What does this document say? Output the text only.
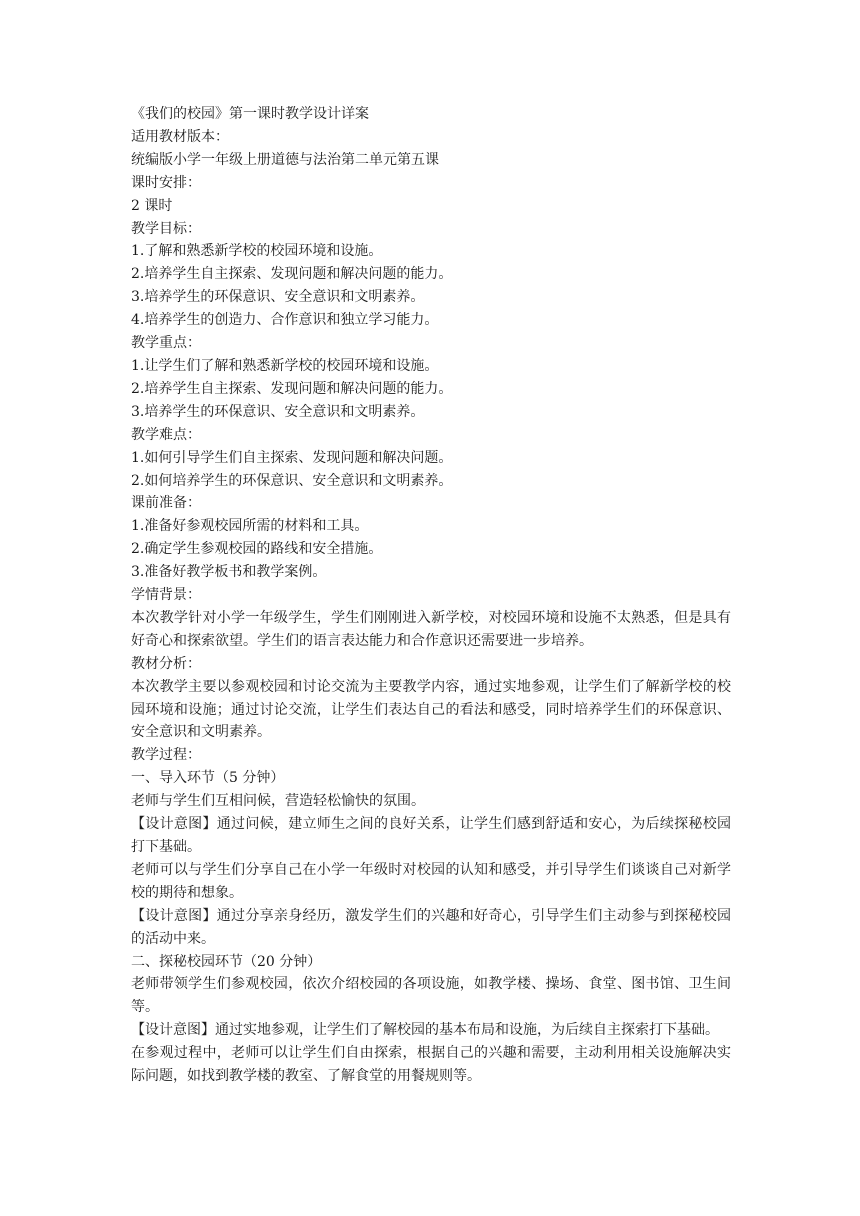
《我们的校园》第一课时教学设计详案

适用教材版本：

统编版小学一年级上册道德与法治第二单元第五课

课时安排：

2 课时

教学目标：

1.了解和熟悉新学校的校园环境和设施。

2.培养学生自主探索、发现问题和解决问题的能力。

3.培养学生的环保意识、安全意识和文明素养。

4.培养学生的创造力、合作意识和独立学习能力。

教学重点：

1.让学生们了解和熟悉新学校的校园环境和设施。

2.培养学生自主探索、发现问题和解决问题的能力。

3.培养学生的环保意识、安全意识和文明素养。

教学难点：

1.如何引导学生们自主探索、发现问题和解决问题。

2.如何培养学生的环保意识、安全意识和文明素养。

课前准备：

1.准备好参观校园所需的材料和工具。

2.确定学生参观校园的路线和安全措施。

3.准备好教学板书和教学案例。

学情背景：

本次教学针对小学一年级学生，学生们刚刚进入新学校，对校园环境和设施不太熟悉，但是具有好奇心和探索欲望。学生们的语言表达能力和合作意识还需要进一步培养。

教材分析：

本次教学主要以参观校园和讨论交流为主要教学内容，通过实地参观，让学生们了解新学校的校园环境和设施；通过讨论交流，让学生们表达自己的看法和感受，同时培养学生们的环保意识、安全意识和文明素养。

教学过程：

一、导入环节（5 分钟）

老师与学生们互相问候，营造轻松愉快的氛围。

【设计意图】通过问候，建立师生之间的良好关系，让学生们感到舒适和安心，为后续探秘校园打下基础。

老师可以与学生们分享自己在小学一年级时对校园的认知和感受，并引导学生们谈谈自己对新学校的期待和想象。

【设计意图】通过分享亲身经历，激发学生们的兴趣和好奇心，引导学生们主动参与到探秘校园的活动中来。

二、探秘校园环节（20 分钟）

老师带领学生们参观校园，依次介绍校园的各项设施，如教学楼、操场、食堂、图书馆、卫生间等。

【设计意图】通过实地参观，让学生们了解校园的基本布局和设施，为后续自主探索打下基础。

在参观过程中，老师可以让学生们自由探索，根据自己的兴趣和需要，主动利用相关设施解决实际问题，如找到教学楼的教室、了解食堂的用餐规则等。
